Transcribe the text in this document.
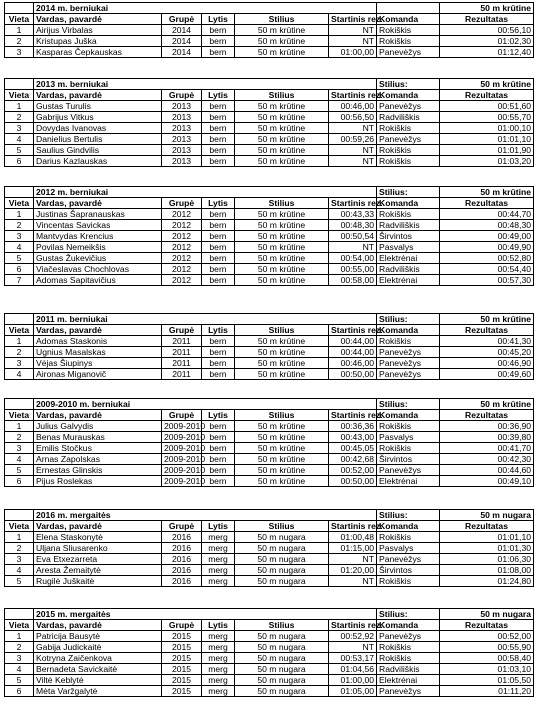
	2014 m. berniukai						50 m krūtine
Vieta	Vardas, pavardė	Grupė	Lytis	Stilius	Startinis rez.	Komanda	Rezultatas
1	Airijus Virbalas	2014	bern	50 m krūtine	NT	Rokiškis	00:56,10
2	Kristupas Juška	2014	bern	50 m krūtine	NT	Rokiškis	01:02,30
3	Kasparas Čepkauskas	2014	bern	50 m krūtine	01:00,00	Panevėžys	01:12,40
	2013 m. berniukai					Stilius:	50 m krūtine
Vieta	Vardas, pavardė	Grupė	Lytis	Stilius	Startinis rez.	Komanda	Rezultatas
1	Gustas Turulis	2013	bern	50 m krūtine	00:46,00	Panevėžys	00:51,60
2	Gabrijus Vitkus	2013	bern	50 m krūtine	00:56,50	Radviliškis	00:55,70
3	Dovydas Ivanovas	2013	bern	50 m krūtine	NT	Rokiškis	01:00,10
4	Danielius Bertulis	2013	bern	50 m krūtine	00:59,26	Panevėžys	01:01,10
5	Saulius Gindvilis	2013	bern	50 m krūtine	NT	Rokiškis	01:01,90
6	Darius Kazlauskas	2013	bern	50 m krūtine	NT	Rokiškis	01:03,20
	2012 m. berniukai					Stilius:	50 m krūtine
Vieta	Vardas, pavardė	Grupė	Lytis	Stilius	Startinis rez.	Komanda	Rezultatas
1	Justinas Šapranauskas	2012	bern	50 m krūtine	00:43,33	Rokiškis	00:44,70
2	Vincentas Savickas	2012	bern	50 m krūtine	00:48,30	Radviliškis	00:48,30
3	Mantvydas Krencius	2012	bern	50 m krūtine	00:50,54	Širvintos	00:49,00
4	Povilas Nemeikšis	2012	bern	50 m krūtine	NT	Pasvalys	00:49,90
5	Gustas Žukevičius	2012	bern	50 m krūtine	00:54,00	Elektrėnai	00:52,80
6	Viačeslavas Chochlovas	2012	bern	50 m krūtine	00:55,00	Radviliškis	00:54,40
7	Adomas Sapitavičius	2012	bern	50 m krūtine	00:58,00	Elektrėnai	00:57,30
	2011 m. berniukai					Stilius:	50 m krūtine
Vieta	Vardas, pavardė	Grupė	Lytis	Stilius	Startinis rez.	Komanda	Rezultatas
1	Adomas Staskonis	2011	bern	50 m krūtine	00:44,00	Rokiškis	00:41,30
2	Ugnius Masalskas	2011	bern	50 m krūtine	00:44,00	Panevėžys	00:45,20
3	Vėjas Šiupinys	2011	bern	50 m krūtine	00:46,00	Panevėžys	00:46,90
4	Aironas Miganovič	2011	bern	50 m krūtine	00:50,00	Panevėžys	00:49,60
	2009-2010 m. berniukai					Stilius:	50 m krūtine
Vieta	Vardas, pavardė	Grupė	Lytis	Stilius	Startinis rez.	Komanda	Rezultatas
1	Julius Galvydis	2009-2010	bern	50 m krūtine	00:36,36	Rokiškis	00:36,90
2	Benas Murauskas	2009-2010	bern	50 m krūtine	00:43,00	Pasvalys	00:39,80
3	Emilis Stočkus	2009-2010	bern	50 m krūtine	00:45,05	Rokiškis	00:41,70
4	Arnas Zapolskas	2009-2010	bern	50 m krūtine	00:42,68	Širvintos	00:42,30
5	Ernestas Glinskis	2009-2010	bern	50 m krūtine	00:52,00	Panevėžys	00:44,60
6	Pijus Roslekas	2009-2010	bern	50 m krūtine	00:50,00	Elektrėnai	00:49,10
	2016 m. mergaitės					Stilius:	50 m nugara
Vieta	Vardas, pavardė	Grupė	Lytis	Stilius	Startinis rez.	Komanda	Rezultatas
1	Elena Staskonytė	2016	merg	50 m nugara	01:00,48	Rokiškis	01:01,10
2	Uljana Sliusarenko	2016	merg	50 m nugara	01:15,00	Pasvalys	01:01,30
3	Eva Etxezarreta	2016	merg	50 m nugara	NT	Panevėžys	01:06,30
4	Aresta Žemaitytė	2016	merg	50 m nugara	01:20,00	Širvintos	01:08,00
5	Rugilė Juškaitė	2016	merg	50 m nugara	NT	Rokiškis	01:24,80
	2015 m. mergaitės					Stilius:	50 m nugara
Vieta	Vardas, pavardė	Grupė	Lytis	Stilius	Startinis rez.	Komanda	Rezultatas
1	Patricija Bausytė	2015	merg	50 m nugara	00:52,92	Panevėžys	00:52,00
2	Gabija Judickaitė	2015	merg	50 m nugara	NT	Rokiškis	00:55,90
3	Kotryna Zaičenkova	2015	merg	50 m nugara	00:53,17	Rokiškis	00:58,40
4	Bernadeta Savickaitė	2015	merg	50 m nugara	01:04,56	Radviliškis	01:03,10
5	Viltė Keblytė	2015	merg	50 m nugara	01:00,00	Elektrėnai	01:05,50
6	Mėta Varžgalytė	2015	merg	50 m nugara	01:05,00	Panevėžys	01:11,20
